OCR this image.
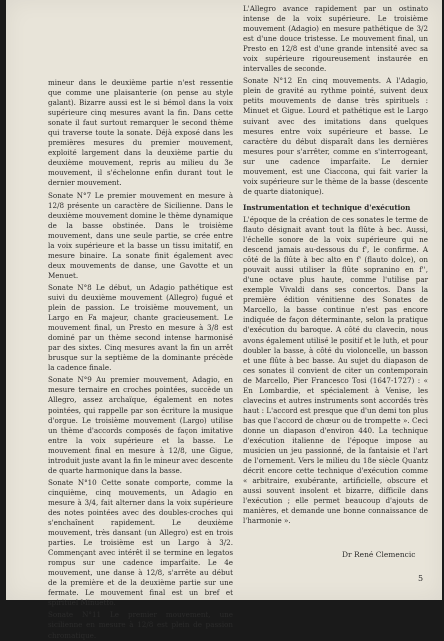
mineur dans le deuxième partie n'est ressentie que comme une plaisanterie (on pense au style galant). Bizarre aussi est le si bémol dans la voix supérieure cinq mesures avant la fin. Dans cette sonate il faut surtout remarquer le second thème qui traverse toute la sonate. Déjà exposé dans les premières mesures du premier mouvement, exploité largement dans la deuxième partie du deuxième mouvement, repris au milieu du 3e mouvement, il s'échelonne enfin durant tout le dernier mouvement.

Sonate N°7 Le premier mouvement en mesure à 12/8 présente un caractère de Sicilienne. Dans le deuxième mouvement domine le thème dynamique de la basse obstinée. Dans le troisième mouvement, dans une seule partie, se crée entre la voix supérieure et la basse un tissu imitatif, en mesure binaire. La sonate finit également avec deux mouvements de danse, une Gavotte et un Menuet.

Sonate N°8 Le début, un Adagio pathétique est suivi du deuxième mouvement (Allegro) fugué et plein de passion. Le troisième mouvement, un Largo en Fa majeur, chante gracieusement. Le mouvement final, un Presto en mesure à 3/8 est dominé par un thème second intense harmonisé par des sixtes. Cinq mesures avant la fin un arrêt brusque sur la septième de la dominante précède la cadence finale.

Sonate N°9 Au premier mouvement, Adagio, en mesure ternaire en croches pointées, succède un Allegro, assez archaïque, également en notes pointées, qui rappelle par son écriture la musique d'orgue. Le troisième mouvement (Largo) utilise un thème d'accords composés de façon imitative entre la voix supérieure et la basse. Le mouvement final en mesure à 12/8, une Gigue, introduit juste avant la fin le mineur avec descente de quarte harmonique dans la basse.

Sonate N°10 Cette sonate comporte, comme la cinquième, cinq mouvements, un Adagio en mesure à 3/4, fait alterner dans la voix supérieure des notes pointées avec des doubles-croches qui s'enchaînent rapidement. Le deuxième mouvement, très dansant (un Allegro) est en trois parties. Le troisième est un Largo à 3/2. Commençant avec intérêt il se termine en legatos rompus sur une cadence imparfaite. Le 4e mouvement, une danse à 12/8, s'arrête au début de la première et de la deuxième partie sur une fermate. Le mouvement final est un bref et spirituel Minuetto.

Sonate N°11 Le premier mouvement, une sicilienne en mesure à 12/8 est plein de passion chromatique.

L'Allegro avance rapidement par un ostinato intense de la voix supérieure. Le troisième mouvement (Adagio) en mesure pathétique de 3/2 est d'une douce tristesse. Le mouvement final, un Presto en 12/8 est d'une grande intensité avec sa voix supérieure rigoureusement instaurée en intervalles de seconde.

Sonate N°12 En cinq mouvements. A l'Adagio, plein de gravité au rythme pointé, suivent deux petits mouvements de danse très spirituels : Minuet et Gigue. Lourd et pathétique est le Largo suivant avec des imitations dans quelques mesures entre voix supérieure et basse. Le caractère du début disparaît dans les dernières mesures pour s'arrêter, comme en s'interrogeant, sur une cadence imparfaite. Le dernier mouvement, est une Ciaccona, qui fait varier la voix supérieure sur le thème de la basse (descente de quarte diatonique).

Instrumentation et technique d'exécution

L'époque de la création de ces sonates le terme de flauto désignait avant tout la flûte à bec. Aussi, l'échelle sonore de la voix supérieure qui ne descend jamais au-dessous du f', le confirme. A côté de la flûte à bec alto en f' (flauto dolce), on pouvait aussi utiliser la flûte sopranino en f'', d'une octave plus haute, comme l'utilise par exemple Vivaldi dans ses concertos. Dans la première édition vénitienne des Sonates de Marcello, la basse continue n'est pas encore indiquée de façon déterminante, selon la pratique d'exécution du baroque. A côté du clavecin, nous avons également utilisé le positif et le luth, et pour doubler la basse, à côté du violoncelle, un basson et une flûte à bec basse. Au sujet du diapason de ces sonates il convient de citer un contemporain de Marcello, Pier Francesco Tosi (1647-1727) : « En Lombardie, et spécialement à Venise, les clavecins et autres instruments sont accordés très haut : L'accord est presque que d'un demi ton plus bas que l'accord de chœur ou de trompette ». Ceci donne un diapason d'environ 440. La technique d'exécution italienne de l'époque impose au musicien un jeu passionné, de la fantaisie et l'art de l'ornement. Vers le milieu du 18e siècle Quantz décrit encore cette technique d'exécution comme « arbitraire, exubérante, artificielle, obscure et aussi souvent insolent et bizarre, difficile dans l'exécution ; elle permet beaucoup d'ajouts de manières, et demande une bonne connaissance de l'harmonie ».

Dr René Clemencic
5
